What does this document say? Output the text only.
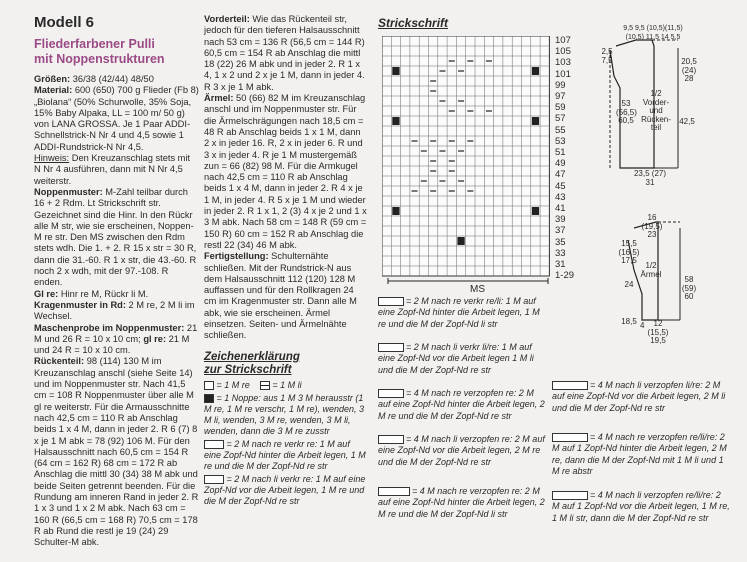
Modell 6
Fliederfarbener Pulli
mit Noppenstrukturen
Größen: 36/38 (42/44) 48/50
Material: 600 (650) 700 g Flieder (Fb 8) „Biolana“ (50% Schurwolle, 35% Soja, 15% Baby Alpaka, LL = 100 m/ 50 g) von LANA GROSSA. Je 1 Paar ADDI-Schnellstrick-N Nr 4 und 4,5 sowie 1 ADDI-Rundstrick-N Nr 4,5.
Hinweis: Den Kreuzanschlag stets mit N Nr 4 ausführen, dann mit N Nr 4,5 weiterstr.
Noppenmuster: M-Zahl teilbar durch 16 + 2 Rdm. Lt Strickschrift str. Gezeichnet sind die Hinr. In den Rückr alle M str, wie sie erscheinen, Noppen-M re str. Den MS zwischen den Rdm stets wdh. Die 1. + 2. R 15 x str = 30 R, dann die 31.-60. R 1 x str, die 43.-60. R noch 2 x wdh, mit der 97.-108. R enden.
Gl re: Hinr re M, Rückr li M.
Kragenmuster in Rd: 2 M re, 2 M li im Wechsel.
Maschenprobe im Noppenmuster: 21 M und 26 R = 10 x 10 cm; gl re: 21 M und 24 R = 10 x 10 cm.
Rückenteil: 98 (114) 130 M im Kreuzanschlag anschl (siehe Seite 14) und im Noppenmuster str. Nach 41,5 cm = 108 R Noppenmuster über alle M gl re weiterstr. Für die Armausschnitte nach 42,5 cm = 110 R ab Anschlag beids 1 x 4 M, dann in jeder 2. R 6 (7) 8 x je 1 M abk = 78 (92) 106 M. Für den Halsausschnitt nach 60,5 cm = 154 R (64 cm = 162 R) 68 cm = 172 R ab Anschlag die mittl 30 (34) 38 M abk und beide Seiten getrennt beenden. Für die Rundung am inneren Rand in jeder 2. R 1 x 3 und 1 x 2 M abk. Nach 63 cm = 160 R (66,5 cm = 168 R) 70,5 cm = 178 R ab Rund die restl je 19 (24) 29 Schulter-M abk.
Vorderteil: Wie das Rückenteil str, jedoch für den tieferen Halsausschnitt nach 53 cm = 136 R (56,5 cm = 144 R) 60,5 cm = 154 R ab Anschlag die mittl 18 (22) 26 M abk und in jeder 2. R 1 x 4, 1 x 2 und 2 x je 1 M, dann in jeder 4. R 3 x je 1 M abk.
Ärmel: 50 (66) 82 M im Kreuzanschlag anschl und im Noppenmuster str. Für die Ärmelschrägungen nach 18,5 cm = 48 R ab Anschlag beids 1 x 1 M, dann 2 x in jeder 16. R, 2 x in jeder 6. R und 3 x in jeder 4. R je 1 M mustergemäß zun = 66 (82) 98 M. Für die Armkugel nach 42,5 cm = 110 R ab Anschlag beids 1 x 4 M, dann in jeder 2. R 4 x je 1 M, in jeder 4. R 5 x je 1 M und wieder in jeder 2. R 1 x 1, 2 (3) 4 x je 2 und 1 x 3 M abk. Nach 58 cm = 148 R (59 cm = 150 R) 60 cm = 152 R ab Anschlag die restl 22 (34) 46 M abk.
Fertigstellung: Schulternähte schließen. Mit der Rundstrick-N aus dem Halsausschnitt 112 (120) 128 M auffassen und für den Rollkragen 24 cm im Kragenmuster str. Dann alle M abk, wie sie erscheinen. Ärmel einsetzen. Seiten- und Ärmelnähte schließen.
Zeichenerklärung
zur Strickschrift
= 1 M re	= 1 M li
= 1 Noppe: aus 1 M 3 M herausstr (1 M re, 1 M re verschr, 1 M re), wenden, 3 M li, wenden, 3 M re, wenden, 3 M li, wenden, dann die 3 M re zusstr
= 2 M nach re verkr re: 1 M auf eine Zopf-Nd hinter die Arbeit legen, 1 M re und die M der Zopf-Nd re str
= 2 M nach li verkr re: 1 M auf eine Zopf-Nd vor die Arbeit legen, 1 M re und die M der Zopf-Nd re str
Strickschrift
107
105
103
101
99
97
59
57
55
53
51
49
47
45
43
41
39
37
35
33
31
1-29
MS
9,5 9,5 (10,5)(11,5)(10,5) 11,5 14 5,5
2,5 7,5	20,5 (24) 28
42,5
53 (56,5) 60,5
1/2 Vorder- und Rücken- teil
23,5 (27) 31
16 (19,5) 23
15,5 (16,5) 17,5
24
18,5
1/2 Ärmel
58 (59) 60
4	12 (15,5) 19,5
= 2 M nach re verkr re/li: 1 M auf eine Zopf-Nd hinter die Arbeit legen, 1 M re und die M der Zopf-Nd li str
= 2 M nach li verkr li/re: 1 M auf eine Zopf-Nd vor die Arbeit legen 1 M li und die M der Zopf-Nd re str
= 4 M nach re verzopfen re: 2 M auf eine Zopf-Nd hinter die Arbeit legen, 2 M re und die M der Zopf-Nd re str
= 4 M nach li verzopfen re: 2 M auf eine Zopf-Nd vor die Arbeit legen, 2 M re und die M der Zopf-Nd re str
= 4 M nach re verzopfen re: 2 M auf eine Zopf-Nd hinter die Arbeit legen, 2 M re und die M der Zopf-Nd li str
= 4 M nach li verzopfen li/re: 2 M auf eine Zopf-Nd vor die Arbeit legen, 2 M li und die M der Zopf-Nd re str
= 4 M nach re verzopfen re/li/re: 2 M auf 1 Zopf-Nd hinter die Arbeit legen, 2 M re, dann die M der Zopf-Nd mit 1 M li und 1 M re abstr
= 4 M nach li verzopfen re/li/re: 2 M auf 1 Zopf-Nd vor die Arbeit legen, 1 M re, 1 M li str, dann die M der Zopf-Nd re str
